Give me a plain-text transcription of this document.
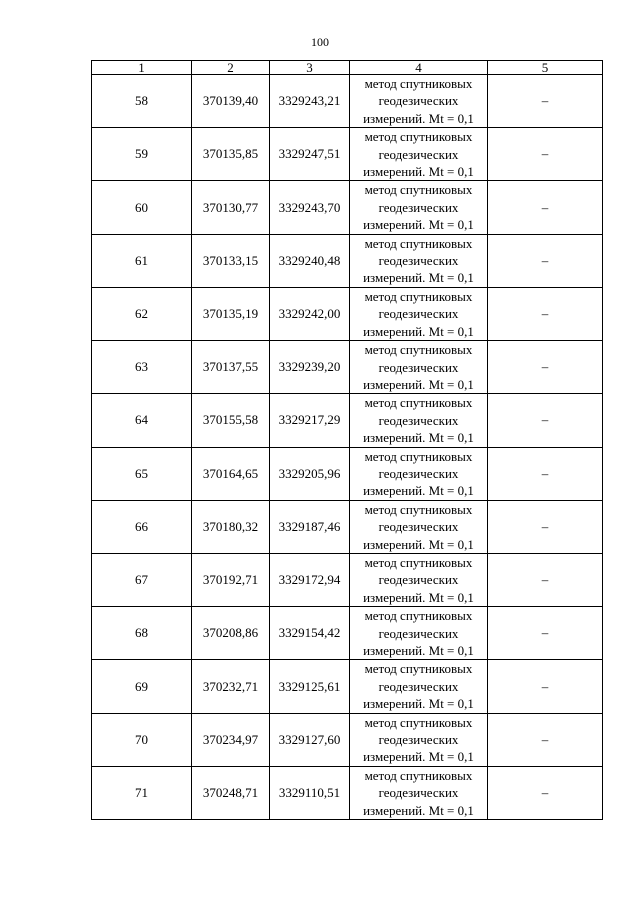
100
1	2	3	4	5
58	370139,40	3329243,21	метод спутниковых
геодезических
измерений. Mt = 0,1	–
59	370135,85	3329247,51	метод спутниковых
геодезических
измерений. Mt = 0,1	–
60	370130,77	3329243,70	метод спутниковых
геодезических
измерений. Mt = 0,1	–
61	370133,15	3329240,48	метод спутниковых
геодезических
измерений. Mt = 0,1	–
62	370135,19	3329242,00	метод спутниковых
геодезических
измерений. Mt = 0,1	–
63	370137,55	3329239,20	метод спутниковых
геодезических
измерений. Mt = 0,1	–
64	370155,58	3329217,29	метод спутниковых
геодезических
измерений. Mt = 0,1	–
65	370164,65	3329205,96	метод спутниковых
геодезических
измерений. Mt = 0,1	–
66	370180,32	3329187,46	метод спутниковых
геодезических
измерений. Mt = 0,1	–
67	370192,71	3329172,94	метод спутниковых
геодезических
измерений. Mt = 0,1	–
68	370208,86	3329154,42	метод спутниковых
геодезических
измерений. Mt = 0,1	–
69	370232,71	3329125,61	метод спутниковых
геодезических
измерений. Mt = 0,1	–
70	370234,97	3329127,60	метод спутниковых
геодезических
измерений. Mt = 0,1	–
71	370248,71	3329110,51	метод спутниковых
геодезических
измерений. Mt = 0,1	–
